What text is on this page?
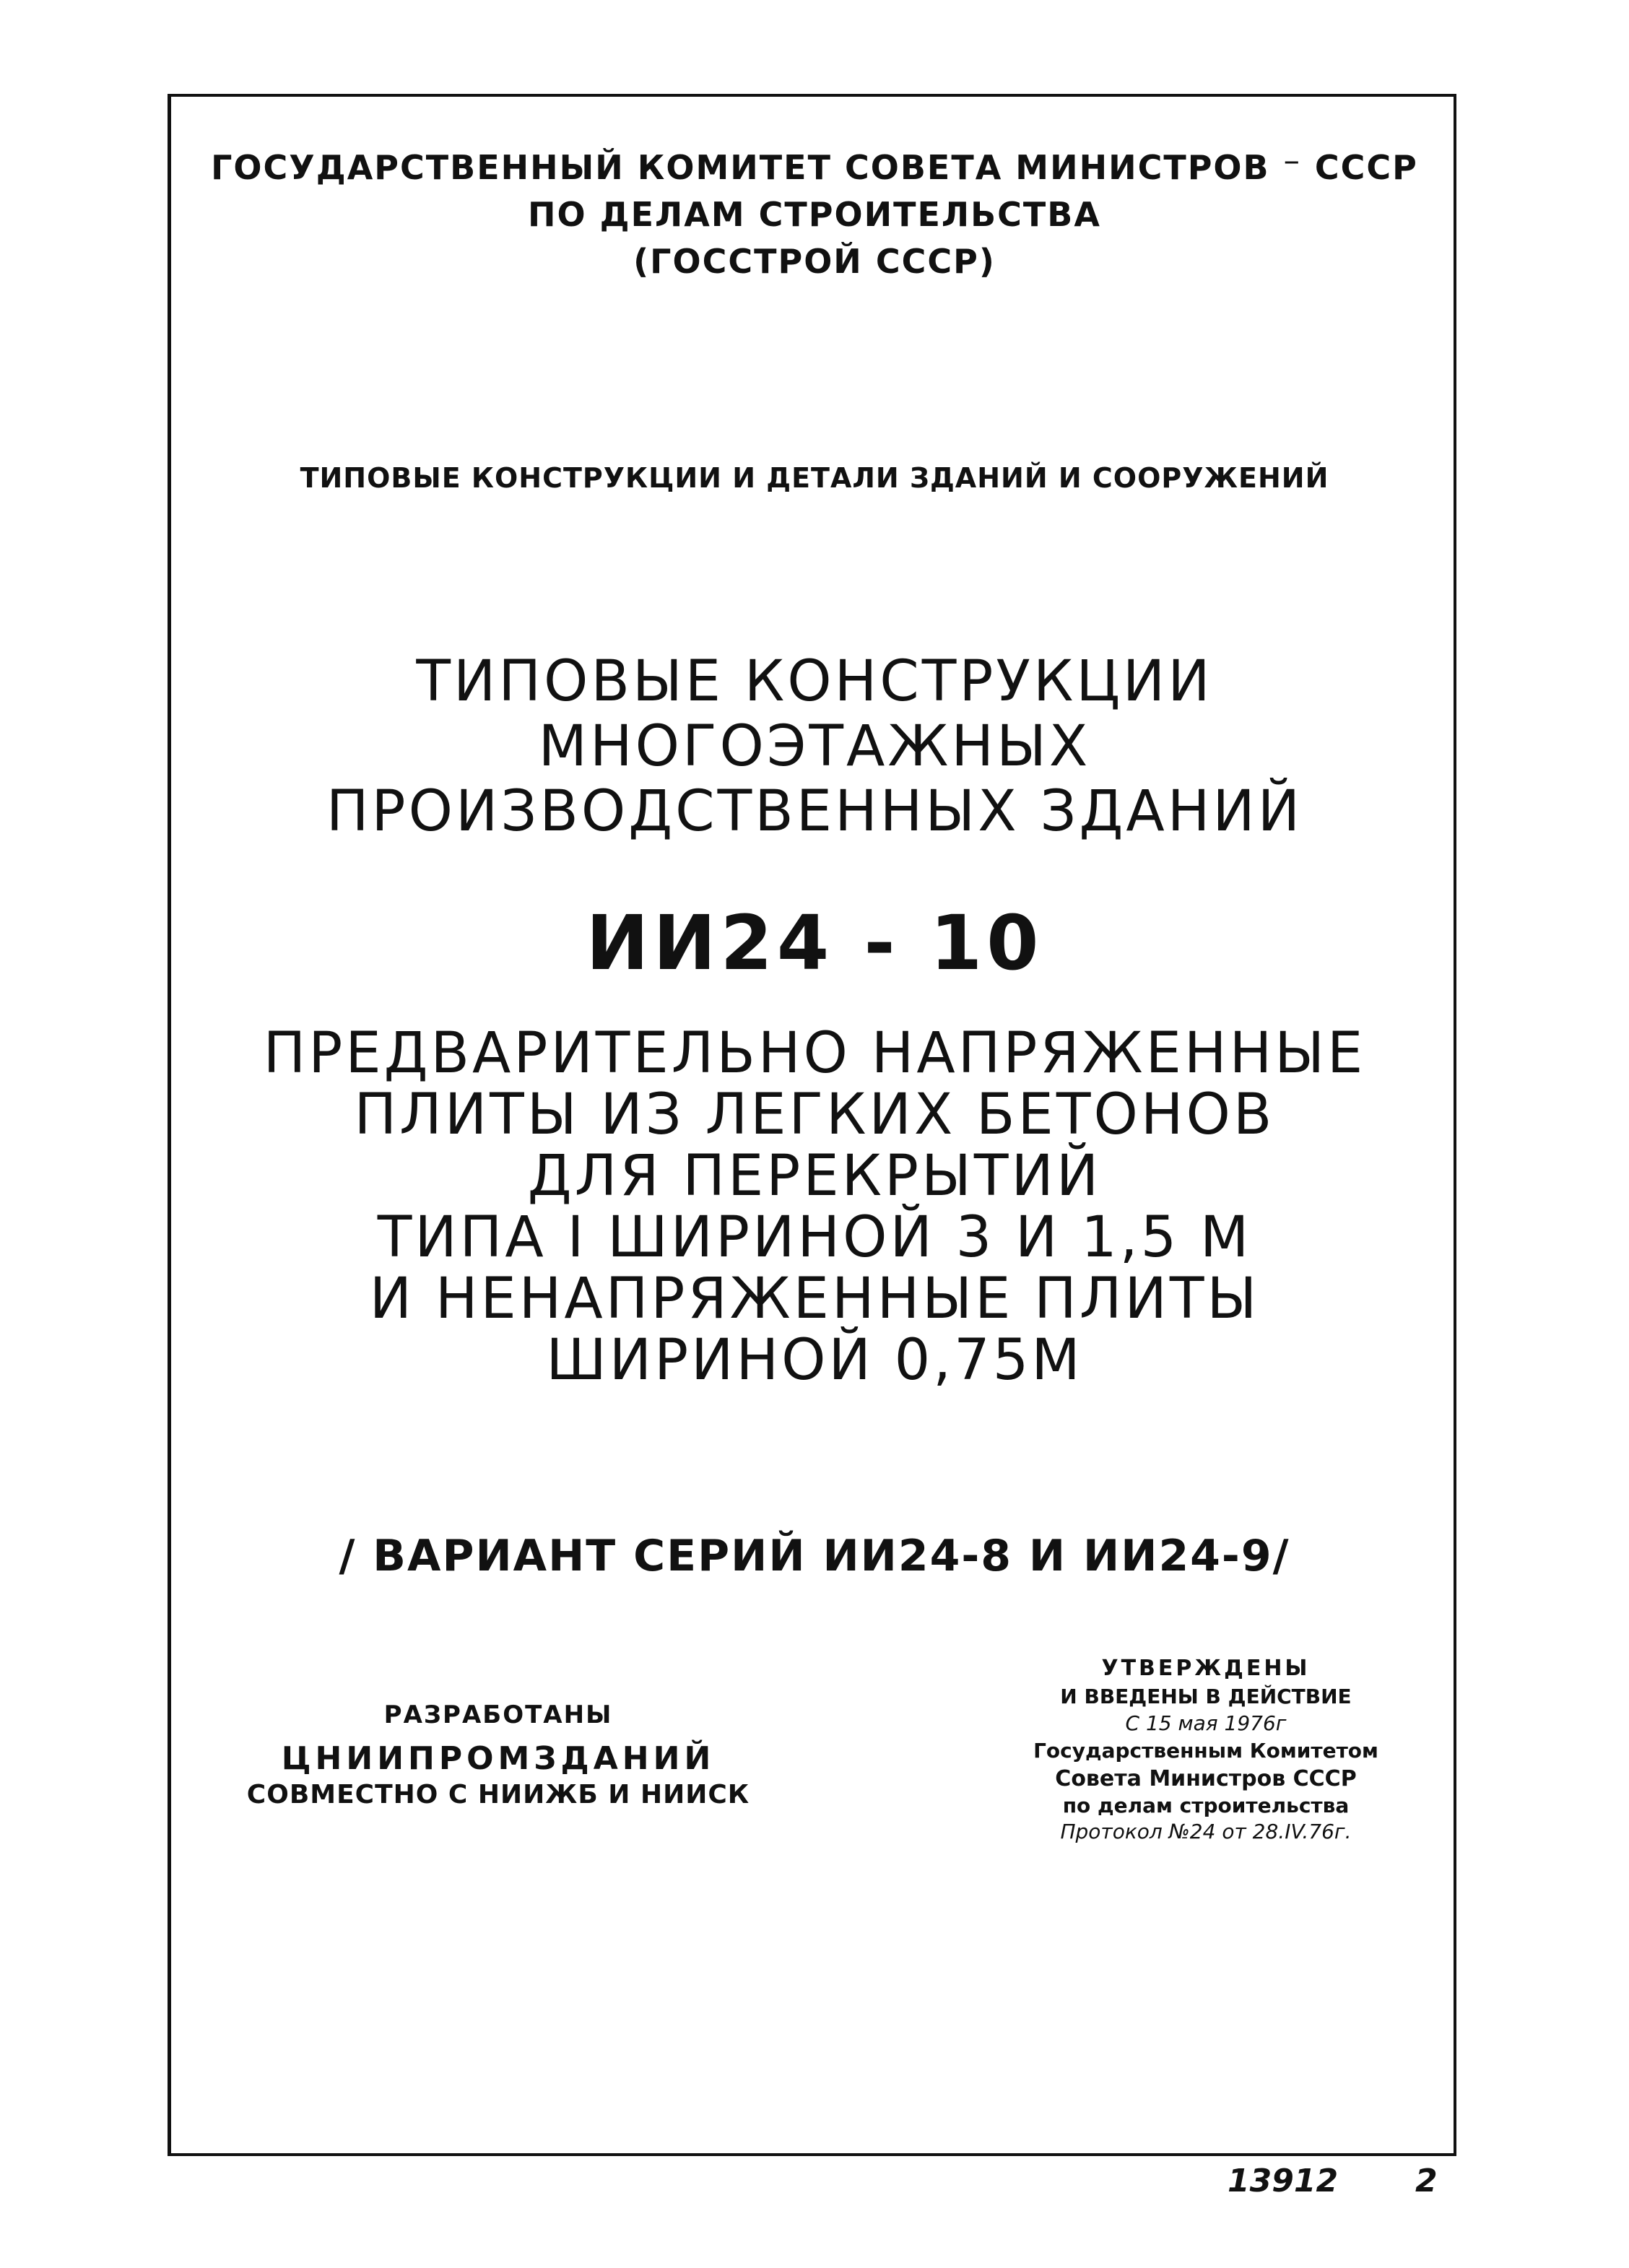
ГОСУДАРСТВЕННЫЙ КОМИТЕТ СОВЕТА МИНИСТРОВ ⁻ СССР
ПО ДЕЛАМ СТРОИТЕЛЬСТВА
(ГОССТРОЙ СССР)
ТИПОВЫЕ КОНСТРУКЦИИ И ДЕТАЛИ ЗДАНИЙ И СООРУЖЕНИЙ
ТИПОВЫЕ КОНСТРУКЦИИ
МНОГОЭТАЖНЫХ
ПРОИЗВОДСТВЕННЫХ ЗДАНИЙ
ИИ24 - 10
ПРЕДВАРИТЕЛЬНО НАПРЯЖЕННЫЕ
ПЛИТЫ ИЗ ЛЕГКИХ БЕТОНОВ
ДЛЯ ПЕРЕКРЫТИЙ
ТИПА I ШИРИНОЙ 3 И 1,5 М
И НЕНАПРЯЖЕННЫЕ ПЛИТЫ
ШИРИНОЙ 0,75М
/ ВАРИАНТ СЕРИЙ ИИ24-8 И ИИ24-9/
РАЗРАБОТАНЫ
ЦНИИПРОМЗДАНИЙ
СОВМЕСТНО С НИИЖБ И НИИСК
УТВЕРЖДЕНЫ
И ВВЕДЕНЫ В ДЕЙСТВИЕ
С 15 мая 1976г
Государственным Комитетом
Совета Министров СССР
по делам строительства
Протокол №24 от 28.IV.76г.
13912 2
